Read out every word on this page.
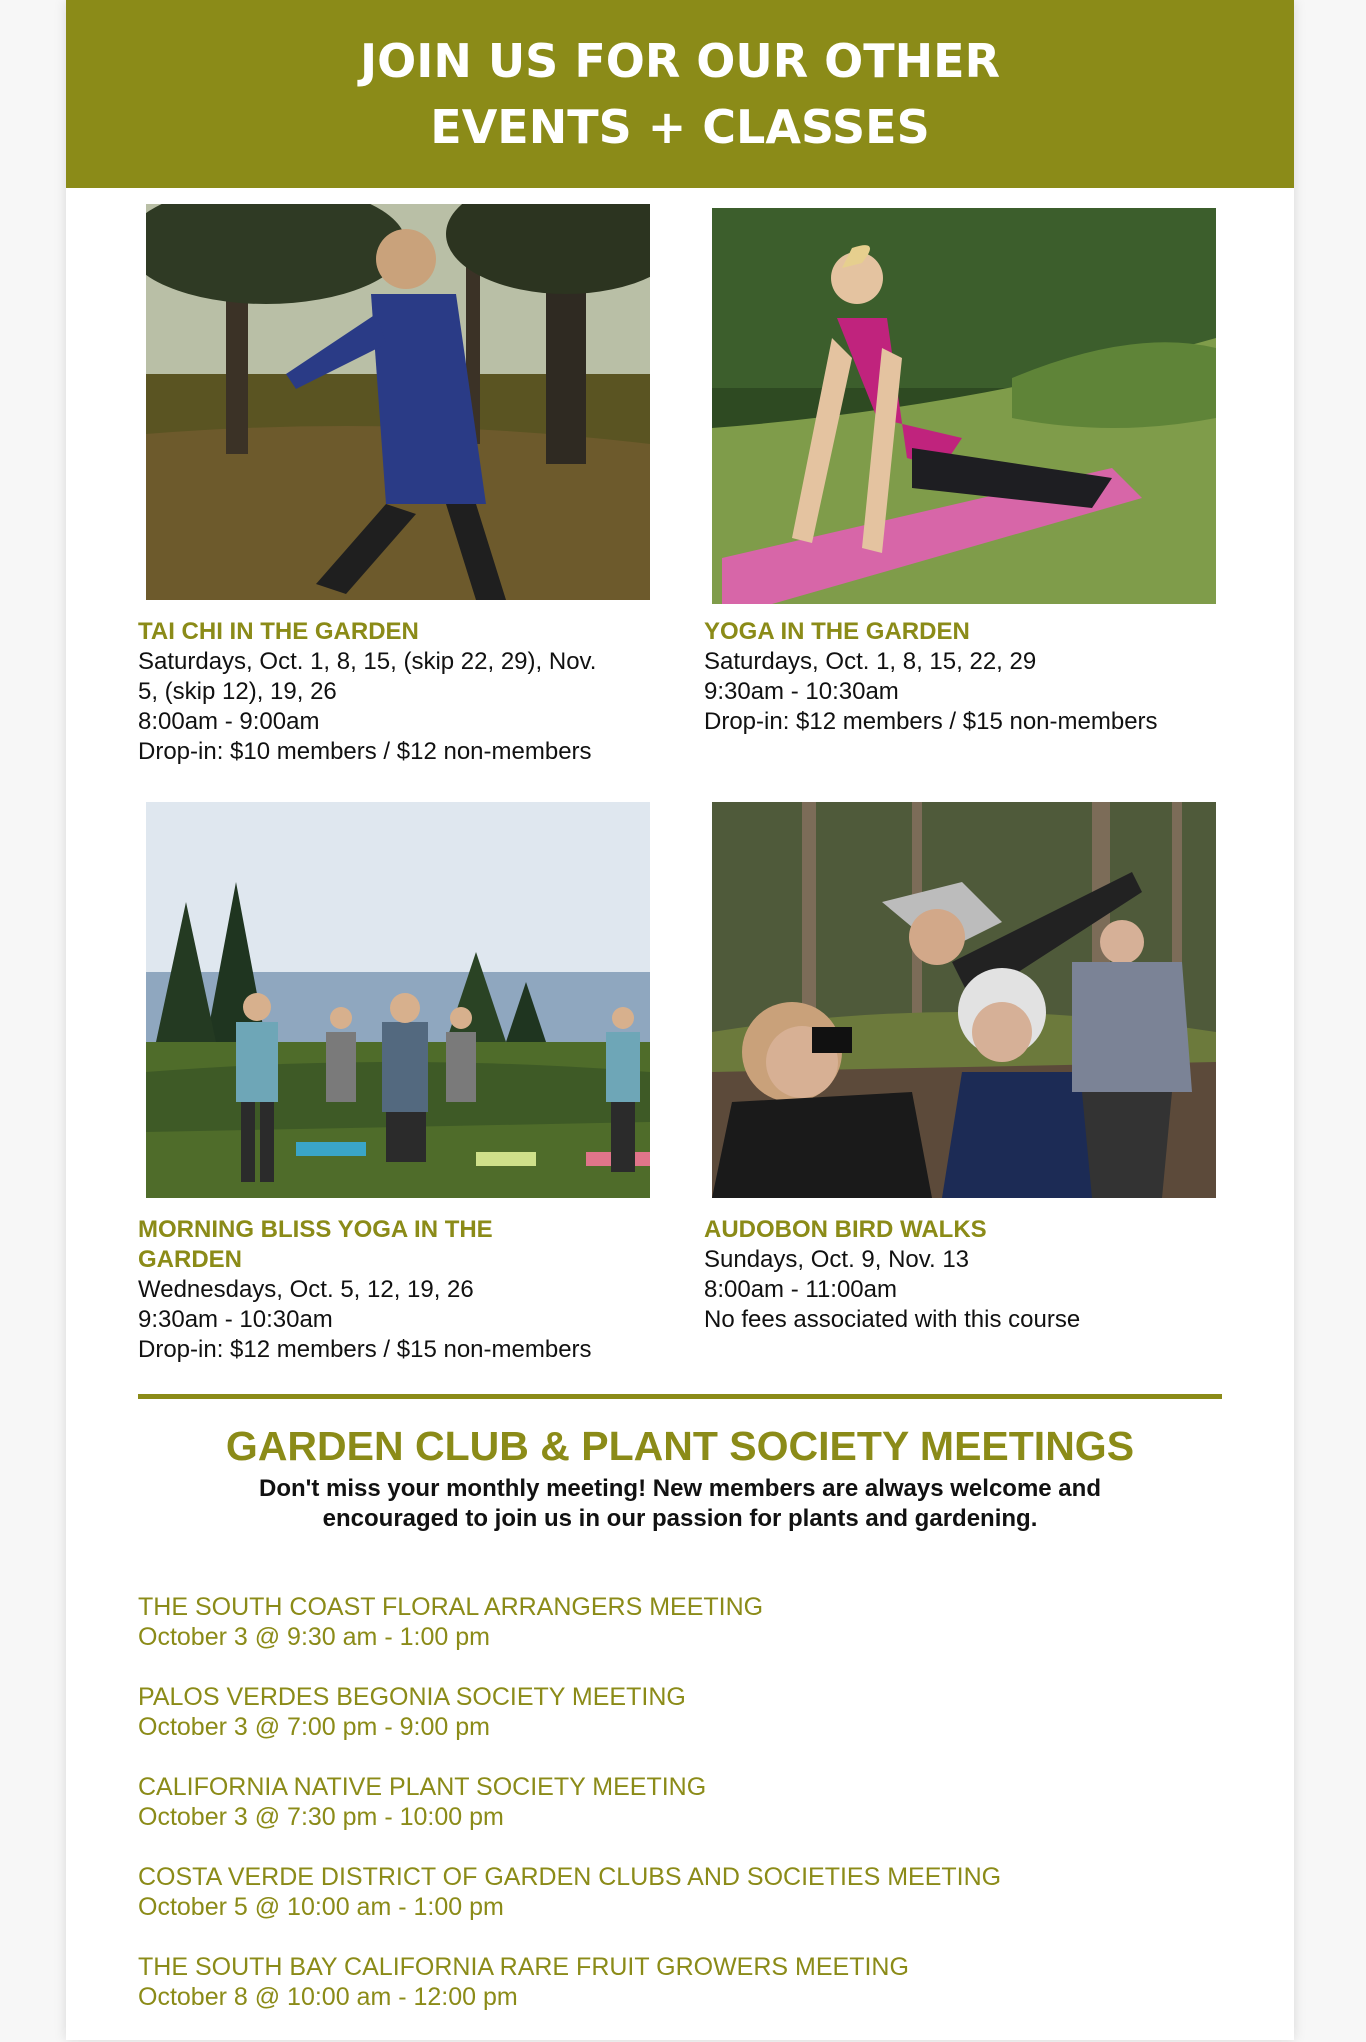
JOIN US FOR OUR OTHER
EVENTS + CLASSES

TAI CHI IN THE GARDEN

Saturdays, Oct. 1, 8, 15, (skip 22, 29), Nov.

5, (skip 12), 19, 26

8:00am - 9:00am

Drop-in: $10 members / $12 non-members

YOGA IN THE GARDEN

Saturdays, Oct. 1, 8, 15, 22, 29

9:30am - 10:30am

Drop-in: $12 members / $15 non-members

MORNING BLISS YOGA IN THE

GARDEN

Wednesdays, Oct. 5, 12, 19, 26

9:30am - 10:30am

Drop-in: $12 members / $15 non-members

AUDOBON BIRD WALKS

Sundays, Oct. 9, Nov. 13

8:00am - 11:00am

No fees associated with this course

GARDEN CLUB & PLANT SOCIETY MEETINGS
Don't miss your monthly meeting! New members are always welcome and
encouraged to join us in our passion for plants and gardening.
THE SOUTH COAST FLORAL ARRANGERS MEETING
October 3 @ 9:30 am - 1:00 pm
PALOS VERDES BEGONIA SOCIETY MEETING
October 3 @ 7:00 pm - 9:00 pm
CALIFORNIA NATIVE PLANT SOCIETY MEETING
October 3 @ 7:30 pm - 10:00 pm
COSTA VERDE DISTRICT OF GARDEN CLUBS AND SOCIETIES MEETING
October 5 @ 10:00 am - 1:00 pm
THE SOUTH BAY CALIFORNIA RARE FRUIT GROWERS MEETING
October 8 @ 10:00 am - 12:00 pm
